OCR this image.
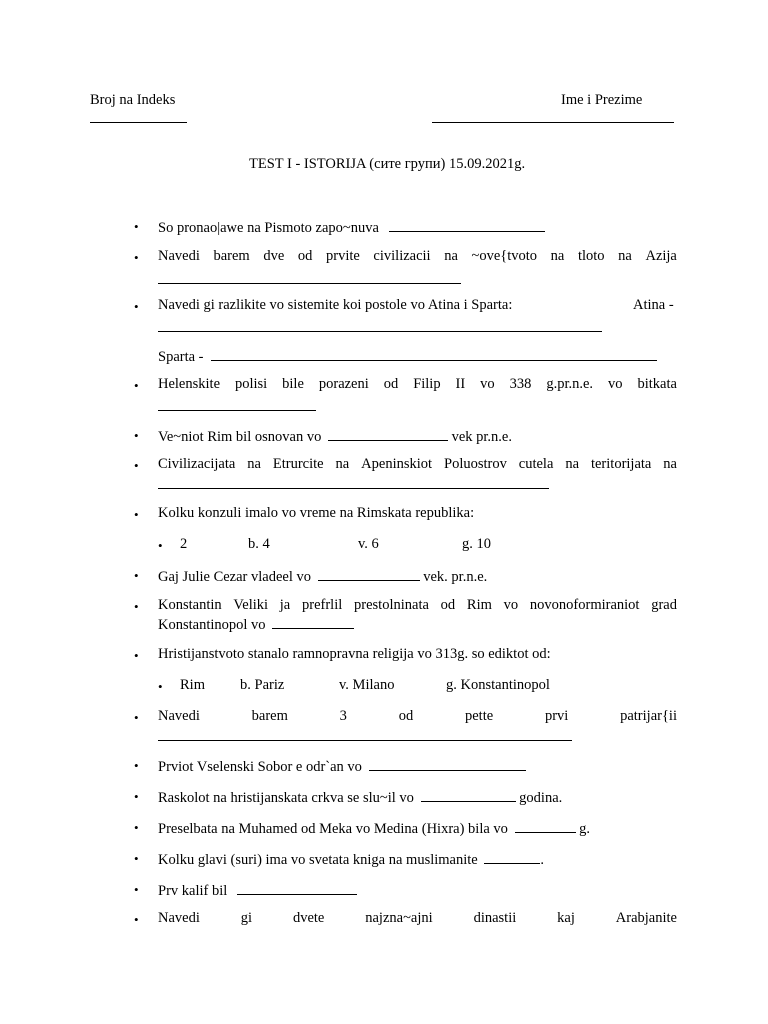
Broj na Indeks	Ime i Prezime
TEST I - ISTORIJA (сите групи) 15.09.2021g.
• So pronao|awe na Pismoto zapo~nuva
• Navedi barem dve od prvite civilizacii na ~ove{tvoto na tloto na Azija
• Navedi gi razlikite vo sistemite koi postole vo Atina i Sparta:	Atina -
Sparta -
• Helenskite polisi bile porazeni od Filip II vo 338 g.pr.n.e. vo bitkata
• Ve~niot Rim bil osnovan vo	vek pr.n.e.
• Civilizacijata na Etrurcite na Apeninskiot Poluostrov cutela na teritorijata na
• Kolku konzuli imalo vo vreme na Rimskata republika:
• 2	b. 4	v. 6	g. 10
• Gaj Julie Cezar vladeel vo	vek. pr.n.e.
• Konstantin Veliki ja prefrlil prestolninata od Rim vo novonoformiraniot grad
Konstantinopol vo
• Hristijanstvoto stanalo ramnopravna religija vo 313g. so ediktot od:
• Rim b. Pariz	v. Milano	g. Konstantinopol
• Navedi	barem	3	od	pette	prvi	patrijar{ii
• Prviot Vselenski Sobor e odr`an vo
• Raskolot na hristijanskata crkva se slu~il vo	godina.
• Preselbata na Muhamed od Meka vo Medina (Hixra) bila vo	g.
• Kolku glavi (suri) ima vo svetata kniga na muslimanite	.
• Prv kalif bil
• Navedi	gi	dvete	najzna~ajni	dinastii	kaj	Arabjanite
